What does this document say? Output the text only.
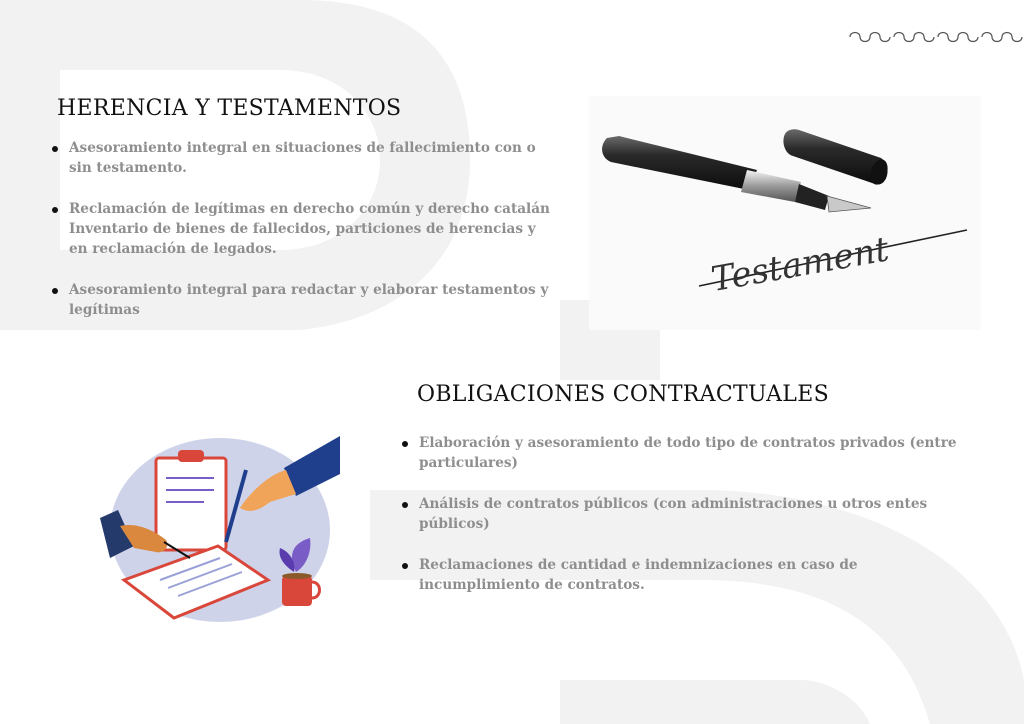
HERENCIA Y TESTAMENTOS
Asesoramiento integral en situaciones de fallecimiento con o sin testamento.
Reclamación de legítimas en derecho común y derecho catalán Inventario de bienes de fallecidos, particiones de herencias y en reclamación de legados.
Asesoramiento integral para redactar y elaborar testamentos y legítimas
Testament
OBLIGACIONES CONTRACTUALES
Elaboración y asesoramiento de todo tipo de contratos privados (entre particulares)
Análisis de contratos públicos (con administraciones u otros entes públicos)
Reclamaciones de cantidad e indemnizaciones en caso de incumplimiento de contratos.
